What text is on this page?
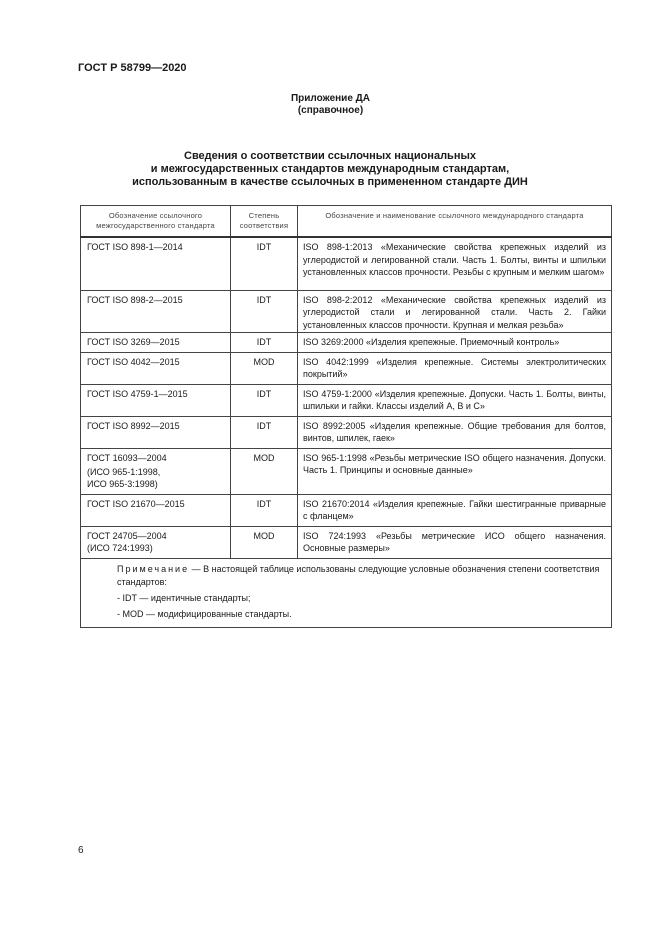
ГОСТ Р 58799—2020
Приложение ДА
(справочное)
Сведения о соответствии ссылочных национальных
и межгосударственных стандартов международным стандартам,
использованным в качестве ссылочных в примененном стандарте ДИН
Обозначение ссылочного межгосударственного стандарта	Степень соответствия	Обозначение и наименование ссылочного международного стандарта

ГОСТ ISO 898-1—2014	IDT	ISO 898-1:2013 «Механические свойства крепежных изделий из углеродистой и легированной стали. Часть 1. Болты, винты и шпильки установленных классов прочности. Резьбы с крупным и мелким шагом»

ГОСТ ISO 898-2—2015	IDT	ISO 898-2:2012 «Механические свойства крепежных изделий из углеродистой стали и легированной стали. Часть 2. Гайки установленных классов прочности. Крупная и мелкая резьба»

ГОСТ ISO 3269—2015	IDT	ISO 3269:2000 «Изделия крепежные. Приемочный контроль»

ГОСТ ISO 4042—2015	MOD	ISO 4042:1999 «Изделия крепежные. Системы электролитических покрытий»

ГОСТ ISO 4759-1—2015	IDT	ISO 4759-1:2000 «Изделия крепежные. Допуски. Часть 1. Болты, винты, шпильки и гайки. Классы изделий A, B и C»

ГОСТ ISO 8992—2015	IDT	ISO 8992:2005 «Изделия крепежные. Общие требования для болтов, винтов, шпилек, гаек»

ГОСТ 16093—2004
(ИСО 965-1:1998,
ИСО 965-3:1998)	MOD	ISO 965-1:1998 «Резьбы метрические ISO общего назначения. Допуски. Часть 1. Принципы и основные данные»

ГОСТ ISO 21670—2015	IDT	ISO 21670:2014 «Изделия крепежные. Гайки шестигранные приварные с фланцем»

ГОСТ 24705—2004
(ИСО 724:1993)	MOD	ISO 724:1993 «Резьбы метрические ИСО общего назначения. Основные размеры»

Примечание — В настоящей таблице использованы следующие условные обозначения степени соответствия стандартов:
- IDT — идентичные стандарты;
- MOD — модифицированные стандарты.		
6
